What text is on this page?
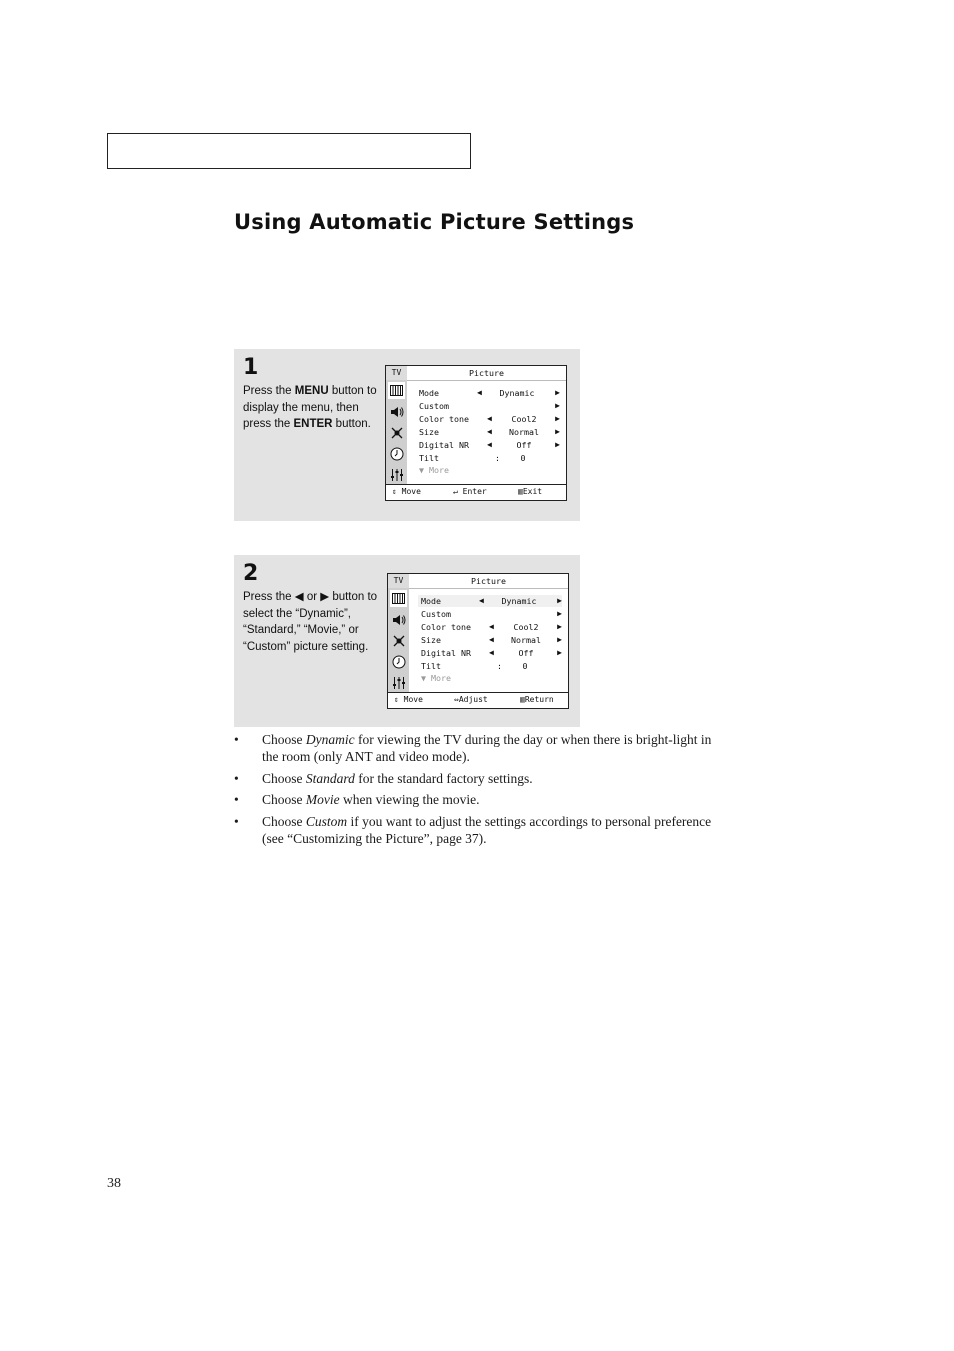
Using Automatic Picture Settings
1
Press the MENU button to display the menu, then press the ENTER button.
TV	Picture
Mode	◀	Dynamic	▶
Custom	▶
Color tone ◀	Cool2	▶
Size	◀	Normal	▶
Digital NR ◀	Off	▶
Tilt	:	0
▼ More
⇕ Move	↵ Enter	▥Exit
2
Press the ◀ or ▶ button to select the “Dynamic”, “Standard,” “Movie,” or “Custom” picture setting.
TV	Picture
Mode	◀	Dynamic	▶
Custom	▶
Color tone ◀	Cool2	▶
Size	◀	Normal	▶
Digital NR ◀	Off	▶
Tilt	:	0
▼ More
⇕ Move	⇔Adjust	▥Return
• Choose Dynamic for viewing the TV during the day or when there is bright-light in the room (only ANT and video mode).
• Choose Standard for the standard factory settings.
• Choose Movie when viewing the movie.
• Choose Custom if you want to adjust the settings accordings to personal preference (see “Customizing the Picture”, page 37).
38
